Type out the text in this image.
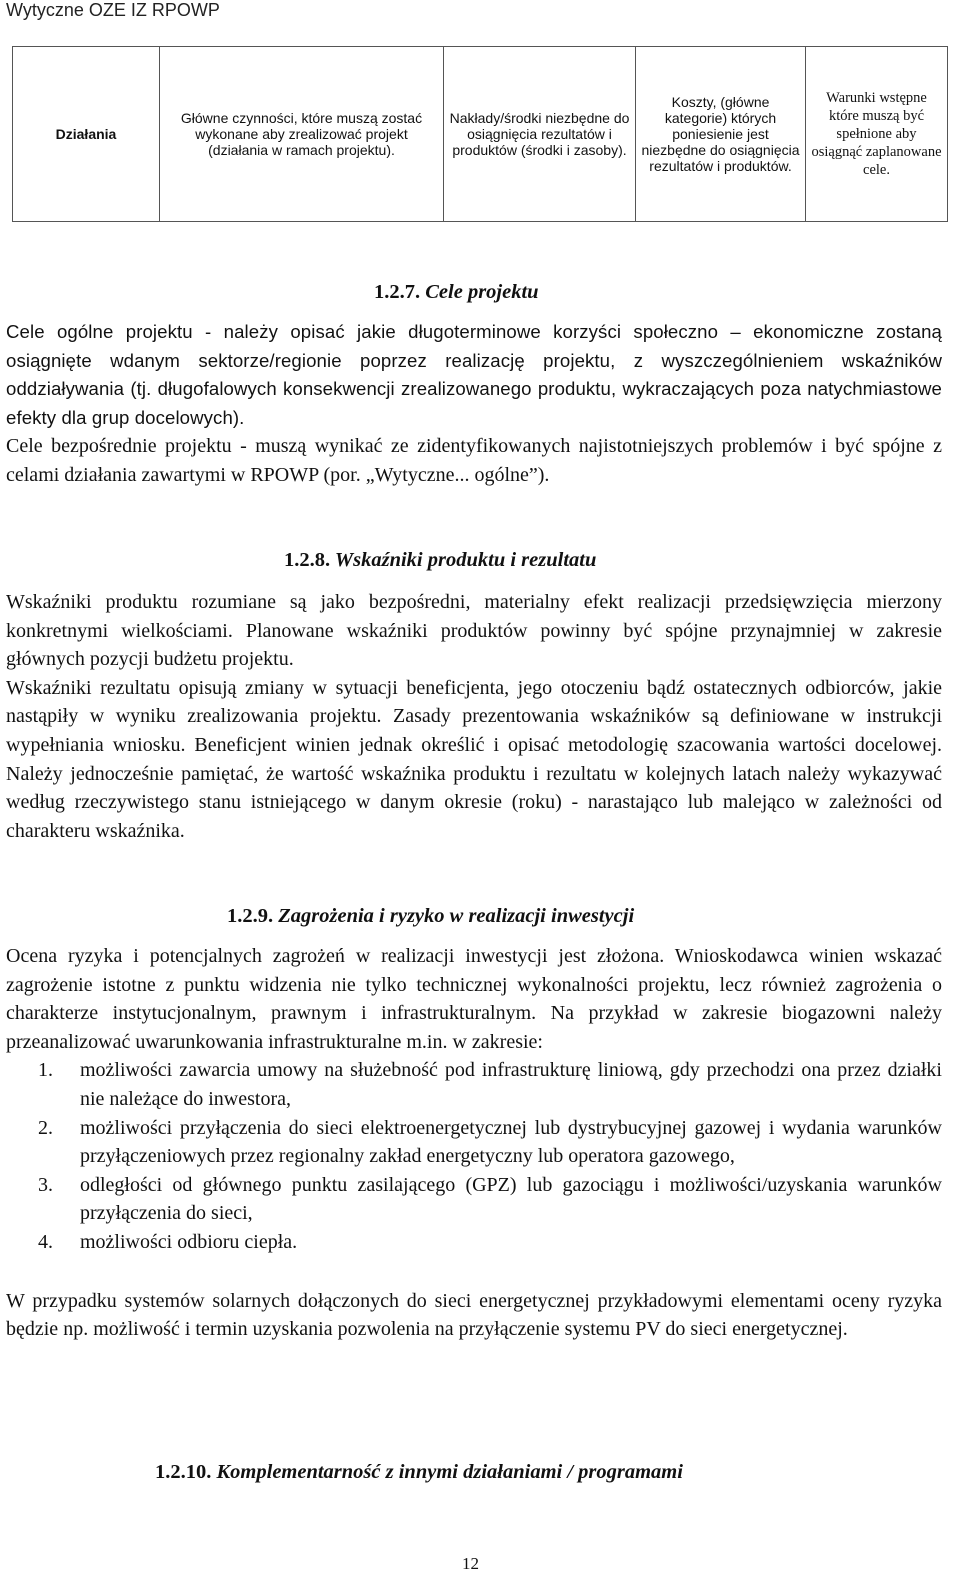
Wytyczne OZE IZ RPOWP
Działania	Główne czynności, które muszą zostać wykonane aby zrealizować projekt (działania w ramach projektu).	Nakłady/środki niezbędne do osiągnięcia rezultatów i produktów (środki i zasoby).	Koszty, (główne kategorie) których poniesienie jest niezbędne do osiągnięcia rezultatów i produktów.	Warunki wstępne które muszą być spełnione aby osiągnąć zaplanowane cele.
1.2.7. Cele projektu

Cele ogólne projektu - należy opisać jakie długoterminowe korzyści społeczno – ekonomiczne zostaną osiągnięte wdanym sektorze/regionie poprzez realizację projektu, z wyszczególnieniem wskaźników oddziaływania (tj. długofalowych konsekwencji zrealizowanego produktu, wykraczających poza natychmiastowe efekty dla grup docelowych).

Cele bezpośrednie projektu - muszą wynikać ze zidentyfikowanych najistotniejszych problemów i być spójne z celami działania zawartymi w RPOWP (por. „Wytyczne... ogólne”).

1.2.8. Wskaźniki produktu i rezultatu

Wskaźniki produktu rozumiane są jako bezpośredni, materialny efekt realizacji przedsięwzięcia mierzony konkretnymi wielkościami. Planowane wskaźniki produktów powinny być spójne przynajmniej w zakresie głównych pozycji budżetu projektu.

Wskaźniki rezultatu opisują zmiany w sytuacji beneficjenta, jego otoczeniu bądź ostatecznych odbiorców, jakie nastąpiły w wyniku zrealizowania projektu. Zasady prezentowania wskaźników są definiowane w instrukcji wypełniania wniosku. Beneficjent winien jednak określić i opisać metodologię szacowania wartości docelowej. Należy jednocześnie pamiętać, że wartość wskaźnika produktu i rezultatu w kolejnych latach należy wykazywać według rzeczywistego stanu istniejącego w danym okresie (roku) - narastająco lub malejąco w zależności od charakteru wskaźnika.

1.2.9. Zagrożenia i ryzyko w realizacji inwestycji

Ocena ryzyka i potencjalnych zagrożeń w realizacji inwestycji jest złożona. Wnioskodawca winien wskazać zagrożenie istotne z punktu widzenia nie tylko technicznej wykonalności projektu, lecz również zagrożenia o charakterze instytucjonalnym, prawnym i infrastrukturalnym. Na przykład w zakresie biogazowni należy przeanalizować uwarunkowania infrastrukturalne m.in. w zakresie:

1. możliwości zawarcia umowy na służebność pod infrastrukturę liniową, gdy przechodzi ona przez działki nie należące do inwestora,
2. możliwości przyłączenia do sieci elektroenergetycznej lub dystrybucyjnej gazowej i wydania warunków przyłączeniowych przez regionalny zakład energetyczny lub operatora gazowego,
3. odległości od głównego punktu zasilającego (GPZ) lub gazociągu i możliwości/uzyskania warunków przyłączenia do sieci,
4. możliwości odbioru ciepła.

W przypadku systemów solarnych dołączonych do sieci energetycznej przykładowymi elementami oceny ryzyka będzie np. możliwość i termin uzyskania pozwolenia na przyłączenie systemu PV do sieci energetycznej.

1.2.10. Komplementarność z innymi działaniami / programami
12
